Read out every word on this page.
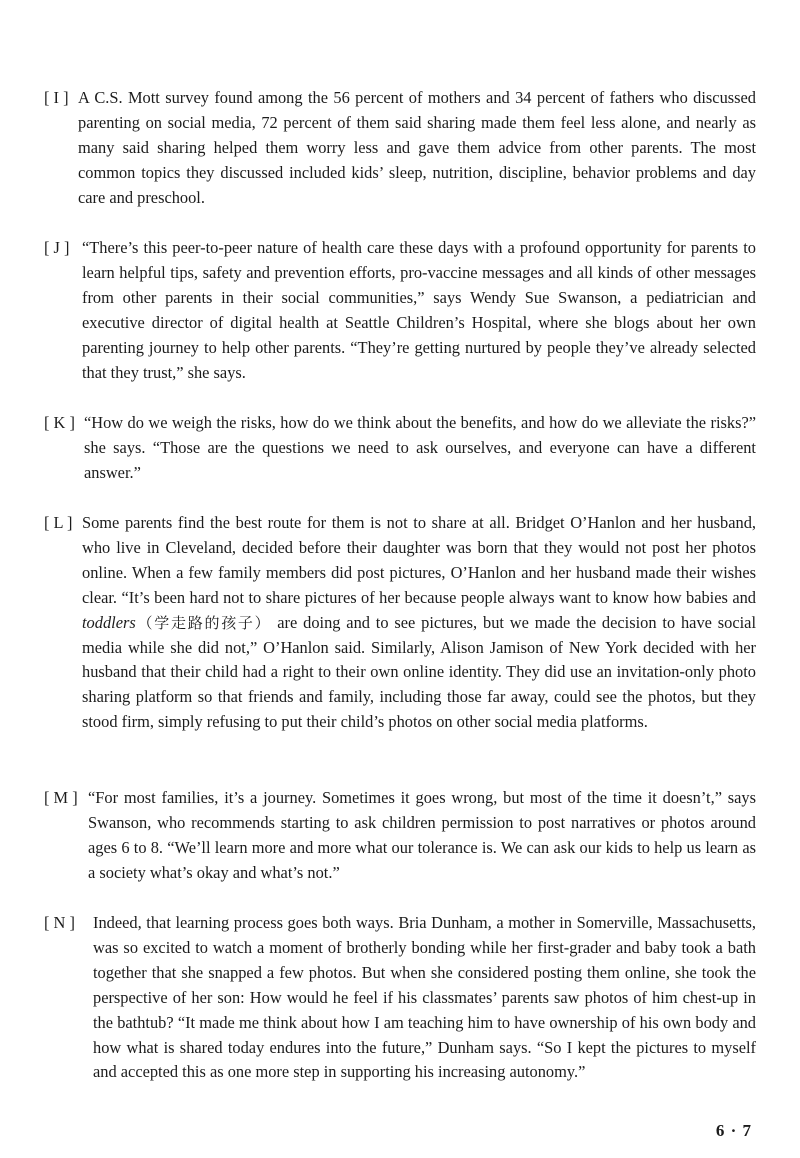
[ I ] A C.S. Mott survey found among the 56 percent of mothers and 34 percent of fathers who discussed parenting on social media, 72 percent of them said sharing made them feel less alone, and nearly as many said sharing helped them worry less and gave them advice from other parents. The most common topics they discussed included kids’ sleep, nutrition, discipline, behavior problems and day care and preschool.
[ J ] “There’s this peer-to-peer nature of health care these days with a profound opportunity for parents to learn helpful tips, safety and prevention efforts, pro-vaccine messages and all kinds of other messages from other parents in their social communities,” says Wendy Sue Swanson, a pediatrician and executive director of digital health at Seattle Children’s Hospital, where she blogs about her own parenting journey to help other parents. “They’re getting nurtured by people they’ve already selected that they trust,” she says.
[ K ] “How do we weigh the risks, how do we think about the benefits, and how do we alleviate the risks?” she says. “Those are the questions we need to ask ourselves, and everyone can have a different answer.”
[ L ] Some parents find the best route for them is not to share at all. Bridget O’Hanlon and her husband, who live in Cleveland, decided before their daughter was born that they would not post her photos online. When a few family members did post pictures, O’Hanlon and her husband made their wishes clear. “It’s been hard not to share pictures of her because people always want to know how babies and toddlers（学走路的孩子） are doing and to see pictures, but we made the decision to have social media while she did not,” O’Hanlon said. Similarly, Alison Jamison of New York decided with her husband that their child had a right to their own online identity. They did use an invitation-only photo sharing platform so that friends and family, including those far away, could see the photos, but they stood firm, simply refusing to put their child’s photos on other social media platforms.
[ M ] “For most families, it’s a journey. Sometimes it goes wrong, but most of the time it doesn’t,” says Swanson, who recommends starting to ask children permission to post narratives or photos around ages 6 to 8. “We’ll learn more and more what our tolerance is. We can ask our kids to help us learn as a society what’s okay and what’s not.”
[ N ]	Indeed, that learning process goes both ways. Bria Dunham, a mother in Somerville, Massachusetts, was so excited to watch a moment of brotherly bonding while her first-grader and baby took a bath together that she snapped a few photos. But when she considered posting them online, she took the perspective of her son: How would he feel if his classmates’ parents saw photos of him chest-up in the bathtub? “It made me think about how I am teaching him to have ownership of his own body and how what is shared today endures into the future,” Dunham says. “So I kept the pictures to myself and accepted this as one more step in supporting his increasing autonomy.”
6 · 7
